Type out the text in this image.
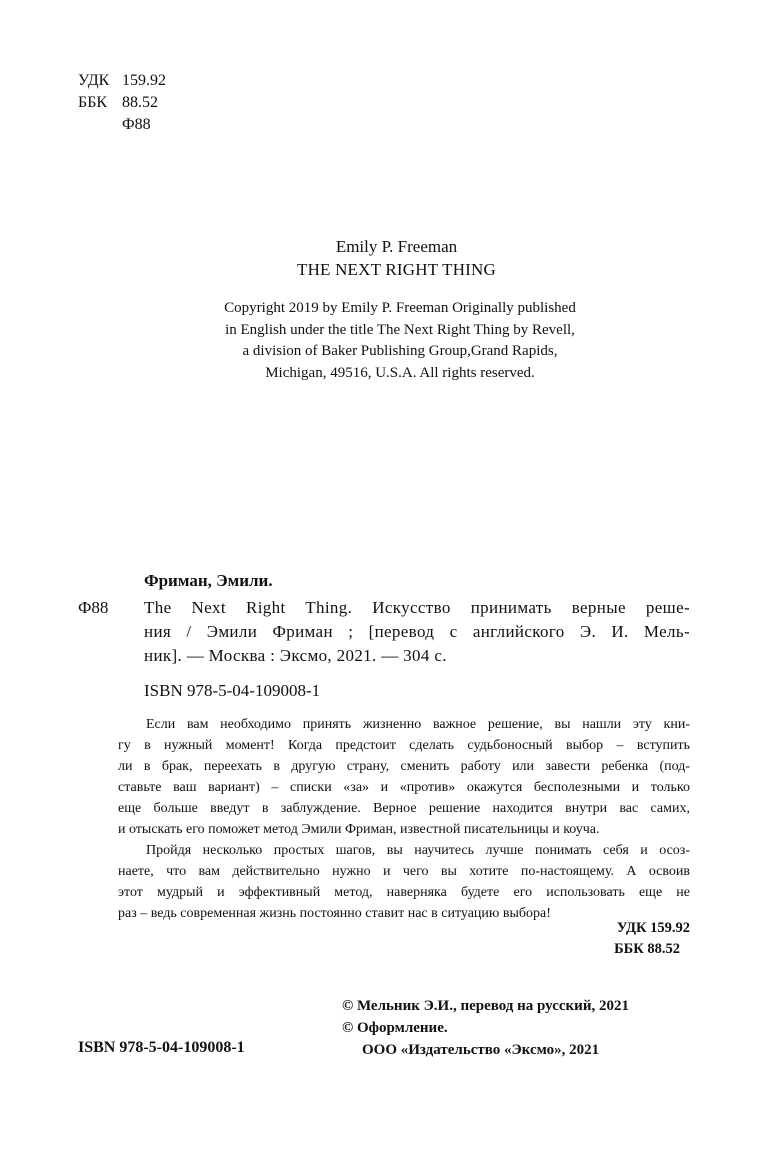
УДК 159.92
ББК 88.52
Ф88
Emily P. Freeman
THE NEXT RIGHT THING
Copyright 2019 by Emily P. Freeman Originally published
in English under the title The Next Right Thing by Revell,
a division of Baker Publishing Group,Grand Rapids,
Michigan, 49516, U.S.A. All rights reserved.
Фриман, Эмили.
Ф88 The Next Right Thing. Искусство принимать верные реше-
ния / Эмили Фриман ; [перевод с английского Э. И. Мель-
ник]. — Москва : Эксмо, 2021. — 304 с.
ISBN 978-5-04-109008-1
Если вам необходимо принять жизненно важное решение, вы нашли эту кни-
гу в нужный момент! Когда предстоит сделать судьбоносный выбор – вступить
ли в брак, переехать в другую страну, сменить работу или завести ребенка (под-
ставьте ваш вариант) – списки «за» и «против» окажутся бесполезными и только
еще больше введут в заблуждение. Верное решение находится внутри вас самих,
и отыскать его поможет метод Эмили Фриман, известной писательницы и коуча.
Пройдя несколько простых шагов, вы научитесь лучше понимать себя и осоз-
наете, что вам действительно нужно и чего вы хотите по-настоящему. А освоив
этот мудрый и эффективный метод, наверняка будете его использовать еще не
раз – ведь современная жизнь постоянно ставит нас в ситуацию выбора!
УДК 159.92
ББК 88.52
ISBN 978-5-04-109008-1
© Мельник Э.И., перевод на русский, 2021
© Оформление.
ООО «Издательство «Эксмо», 2021
